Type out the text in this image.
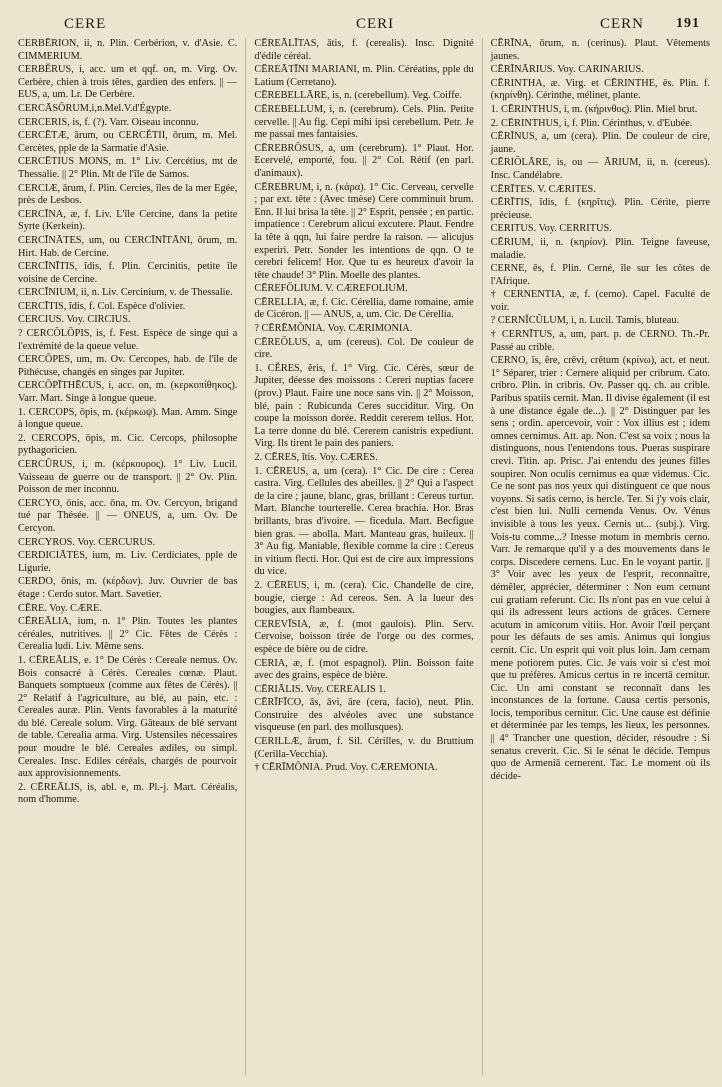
CERE	CERI	CERN 191

CERBĒRION, ii, n. Plin. Cerbérion, v. d'Asie. C. CIMMERIUM.

CERBĔRUS, i, acc. um et qqf. on, m. Virg. Ov. Cerbère, chien à trois têtes, gardien des enfers. || — EUS, a, um. Lr. De Cerbère.

CERCĀSŌRUM,i,n.Mel.V.d'Égypte.

CERCERIS, is, f. (?). Varr. Oiseau inconnu.

CERCĒTÆ, ārum, ou CERCĔTII, ōrum, m. Mel. Cercètes, pple de la Sarmatie d'Asie.

CERCĒTIUS MONS, m. 1° Liv. Cercétius, mt de Thessalie. || 2° Plin. Mt de l'île de Samos.

CERCIÆ, ārum, f. Plin. Cercies, îles de la mer Egée, près de Lesbos.

CERCĪNA, æ, f. Liv. L'île Cercine, dans la petite Syrte (Kerkein).

CERCĪNĀTES, um, ou CERCĪNĪTĀNI, ōrum, m. Hirt. Hab. de Cercine.

CERCĪNĪTIS, ĭdis, f. Plin. Cercinitis, petite île voisine de Cercine.

CERCĪNIUM, ii, n. Liv. Cercinium, v. de Thessalie.

CERCĪTIS, ĭdis, f. Col. Espèce d'olivier.

CERCIUS. Voy. CIRCIUS.

? CERCŎLŌPIS, is, f. Fest. Espèce de singe qui a l'extrémité de la queue velue.

CERCŌPES, um, m. Ov. Cercopes, hab. de l'île de Pithécuse, changés en singes par Jupiter.

CERCŌPĪTHĒCUS, i, acc. on, m. (κερκοπίθηκος). Varr. Mart. Singe à longue queue.

1. CERCOPS, ōpis, m. (κέρκωψ). Man. Amm. Singe à longue queue.

2. CERCOPS, ōpis, m. Cic. Cercops, philosophe pythagoricien.

CERCŪRUS, i, m. (κέρκουρος). 1° Liv. Lucil. Vaisseau de guerre ou de transport. || 2° Ov. Plin. Poisson de mer inconnu.

CERCYO, ōnis, acc. ōna, m. Ov. Cercyon, brigand tué par Thésée. || — ONEUS, a, um. Ov. De Cercyon.

CERCYROS. Voy. CERCURUS.

CERDICIĀTES, ium, m. Liv. Cerdiciates, pple de Ligurie.

CERDO, ōnis, m. (κέρδων). Juv. Ouvrier de bas étage : Cerdo sutor. Mart. Savetier.

CĒRE. Voy. CÆRE.

CĒREĀLIA, ium, n. 1° Plin. Toutes les plantes céréales, nutritives. || 2° Cic. Fêtes de Cérès : Cerealia ludi. Liv. Même sens.

1. CĒREĀLIS, e. 1° De Cérès : Cereale nemus. Ov. Bois consacré à Cérès. Cereales cœnæ. Plaut. Banquets somptueux (comme aux fêtes de Cérès). || 2° Relatif à l'agriculture, au blé, au pain, etc. : Cereales auræ. Plin. Vents favorables à la maturité du blé. Cereale solum. Virg. Gâteaux de blé servant de table. Cerealia arma. Virg. Ustensiles nécessaires pour moudre le blé. Cereales ædiles, ou simpl. Cereales. Insc. Ediles céréals, chargés de pourvoir aux approvisionnements.

2. CĒREĀLIS, is, abl. e, m. Pl.-j. Mart. Céréalis, nom d'homme.

CĒREĀLĪTAS, ātis, f. (cerealis). Insc. Dignité d'édile céréal.

CĒREĀTĪNI MARIANI, m. Plin. Céréatins, pple du Latium (Cerretano).

CĒREBELLĀRE, is, n. (cerebellum). Veg. Coiffe.

CĒREBELLUM, i, n. (cerebrum). Cels. Plin. Petite cervelle. || Au fig. Cepi mihi ipsi cerebellum. Petr. Je me passai mes fantaisies.

CĒREBRŌSUS, a, um (cerebrum). 1° Plaut. Hor. Ecervelé, emporté, fou. || 2° Col. Rétif (en parl. d'animaux).

CĒREBRUM, i, n. (κάρα). 1° Cic. Cerveau, cervelle ; par ext. tête : (Avec tmèse) Cere comminuit brum. Enn. Il lui brisa la tête. || 2° Esprit, pensée ; en partic. impatience : Cerebrum alicui excutere. Plaut. Fendre la tête à qqn, lui faire perdre la raison. — alicujus experiri. Petr. Sonder les intentions de qqn. O te cerebri felicem! Hor. Que tu es heureux d'avoir la tête chaude! 3° Plin. Moelle des plantes.

CĒREFŌLIUM. V. CÆREFOLIUM.

CĒRELLIA, æ, f. Cic. Cérellia, dame romaine, amie de Cicéron. || — ANUS, a, um. Cic. De Cérellia.

? CĒRĒMŌNIA. Voy. CÆRIMONIA.

CĒREŌLUS, a, um (cereus). Col. De couleur de cire.

1. CĔRES, ĕris, f. 1° Virg. Cic. Cérès, sœur de Jupiter, déesse des moissons : Cereri nuptias facere (prov.) Plaut. Faire une noce sans vin. || 2° Moisson, blé, pain : Rubicunda Ceres succiditur. Virg. On coupe la moisson dorée. Reddit cererem tellus. Hor. La terre donne du blé. Cererem canistris expediunt. Virg. Ils tirent le pain des paniers.

2. CĒRES, ĭtis. Voy. CÆRES.

1. CĒREUS, a, um (cera). 1° Cic. De cire : Cerea castra. Virg. Cellules des abeilles. || 2° Qui a l'aspect de la cire ; jaune, blanc, gras, brillant : Cereus turtur. Mart. Blanche tourterelle. Cerea brachia. Hor. Bras brillants, bras d'ivoire. — ficedula. Mart. Becfigue bien gras. — abolla. Mart. Manteau gras, huileux. || 3° Au fig. Maniable, flexible comme la cire : Cereus in vitium flecti. Hor. Qui est de cire aux impressions du vice.

2. CĒREUS, i, m. (cera). Cic. Chandelle de cire, bougie, cierge : Ad cereos. Sen. A la lueur des bougies, aux flambeaux.

CEREVĪSIA, æ, f. (mot gaulois). Plin. Serv. Cervoise, boisson tirée de l'orge ou des cormes, espèce de bière ou de cidre.

CERIA, æ, f. (mot espagnol). Plin. Boisson faite avec des grains, espèce de bière.

CĒRIĀLIS. Voy. CEREALIS 1.

CĒRĪFĪCO, ās, āvi, āre (cera, facio), neut. Plin. Construire des alvéoles avec une substance visqueuse (en parl. des mollusques).

CERILLÆ, ārum, f. Sil. Cérilles, v. du Bruttium (Cerilla-Vecchia).

† CĒRĪMŌNIA. Prud. Voy. CÆREMONIA.

CĒRĪNA, ōrum, n. (cerinus). Plaut. Vêtements jaunes.

CĒRĪNĀRIUS. Voy. CARINARIUS.

CĒRINTHA, æ. Virg. et CĒRINTHE, ēs. Plin. f. (κηρίνθη). Cérinthe, mélinet, plante.

1. CĒRINTHUS, i, m. (κήρινθος). Plin. Miel brut.

2. CĒRINTHUS, i, f. Plin. Cérinthus, v. d'Eubée.

CĒRĪNUS, a, um (cera). Plin. De couleur de cire, jaune.

CĒRIŎLĀRE, is, ou — ĀRIUM, ii, n. (cereus). Insc. Candélabre.

CĒRĪTES. V. CÆRITES.

CĒRĪTIS, ĭdis, f. (κηρῖτις). Plin. Cérite, pierre précieuse.

CERITUS. Voy. CERRITUS.

CĒRIUM, ii, n. (κηρίον). Plin. Teigne faveuse, maladie.

CERNE, ēs, f. Plin. Cerné, île sur les côtes de l'Afrique.

† CERNENTIA, æ, f. (cerno). Capel. Faculté de voir.

? CERNĬCŬLUM, i, n. Lucil. Tamis, bluteau.

† CERNĪTUS, a, um, part. p. de CERNO. Th.-Pr. Passé au crible.

CERNO, ĭs, ĕre, crēvi, crētum (κρίνω), act. et neut. 1° Séparer, trier : Cernere aliquid per cribrum. Cato. cribro. Plin. in cribris. Ov. Passer qq. ch. au crible. Paribus spatiis cernit. Man. Il divise également (il est à une distance égale de...). || 2° Distinguer par les sens ; ordin. apercevoir, voir : Vox illius est ; idem omnes cernimus. Att. ap. Non. C'est sa voix ; nous la distinguons, nous l'entendons tous. Pueras suspirare crevi. Titin. ap. Prisc. J'ai entendu des jeunes filles soupirer. Non oculis cernimus ea quæ videmus. Cic. Ce ne sont pas nos yeux qui distinguent ce que nous voyons. Si satis cerno, is hercle. Ter. Si j'y vois clair, c'est bien lui. Nulli cernenda Venus. Ov. Vénus invisible à tous les yeux. Cernis ut... (subj.). Virg. Vois-tu comme...? Inesse motum in membris cerno. Varr. Je remarque qu'il y a des mouvements dans le corps. Discedere cernens. Luc. En le voyant partir. || 3° Voir avec les yeux de l'esprit, reconnaître, démêler, apprécier, déterminer : Non eum cernunt cui gratiam referunt. Cic. Ils n'ont pas en vue celui à qui ils adressent leurs actions de grâces. Cernere acutum in amicorum vitiis. Hor. Avoir l'œil perçant pour les défauts de ses amis. Animus qui longius cernit. Cic. Un esprit qui voit plus loin. Jam cernam mene potiorem putes. Cic. Je vais voir si c'est moi que tu préfères. Amicus certus in re incertā cernitur. Cic. Un ami constant se reconnaît dans les inconstances de la fortune. Causa certis personis, locis, temporibus cernitur. Cic. Une cause est définie et déterminée par les temps, les lieux, les personnes. || 4° Trancher une question, décider, résoudre : Si senatus creverit. Cic. Si le sénat le décide. Tempus quo de Armeniā cernerent. Tac. Le moment où ils décide-
